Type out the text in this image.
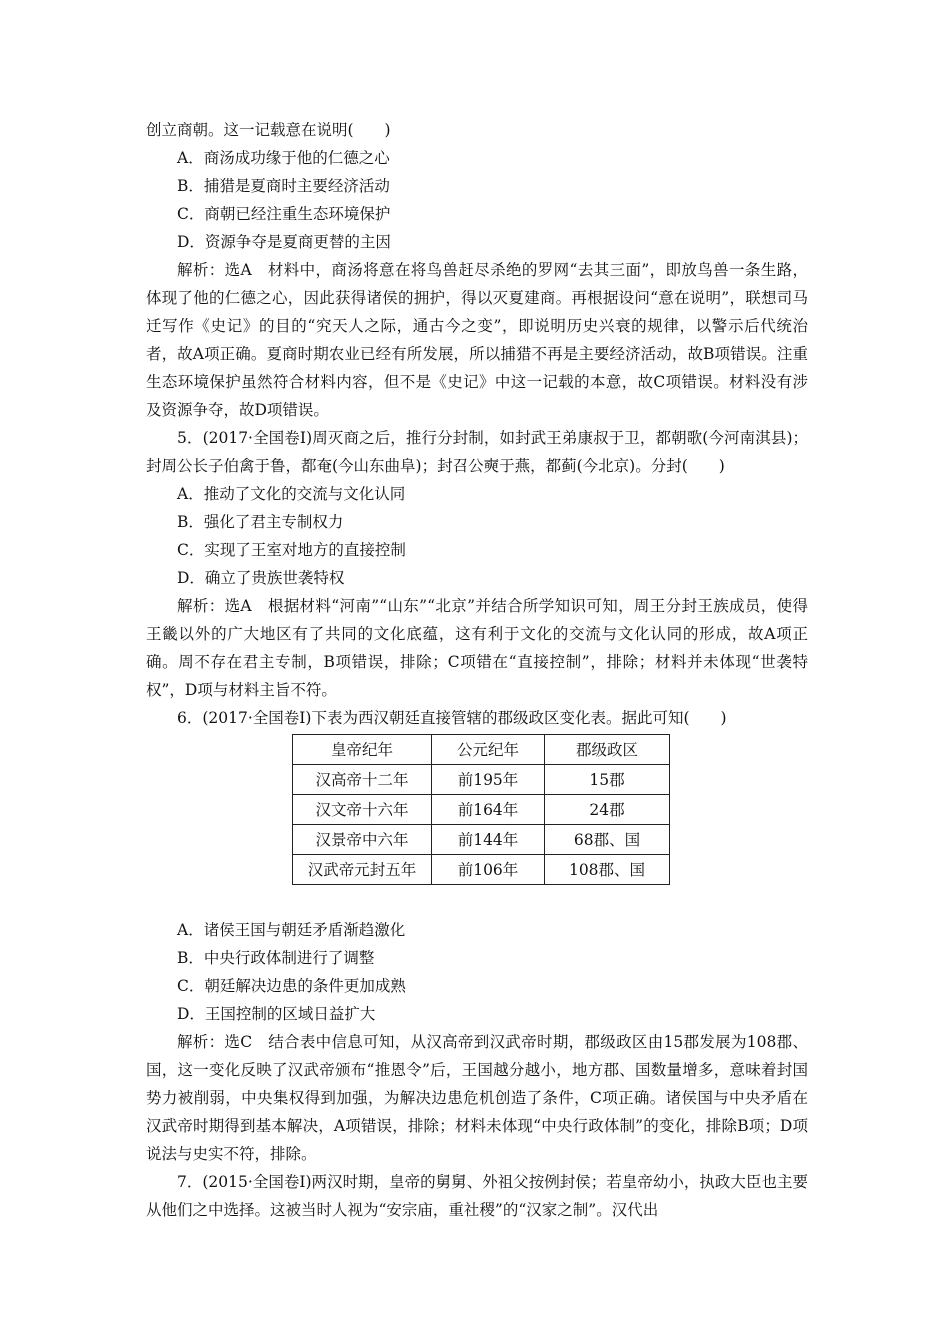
创立商朝。这一记载意在说明(　　)
A．商汤成功缘于他的仁德之心
B．捕猎是夏商时主要经济活动
C．商朝已经注重生态环境保护
D．资源争夺是夏商更替的主因

解析：选A　材料中，商汤将意在将鸟兽赶尽杀绝的罗网“去其三面”，即放鸟兽一条生路，体现了他的仁德之心，因此获得诸侯的拥护，得以灭夏建商。再根据设问“意在说明”，联想司马迁写作《史记》的目的“究天人之际，通古今之变”，即说明历史兴衰的规律，以警示后代统治者，故A项正确。夏商时期农业已经有所发展，所以捕猎不再是主要经济活动，故B项错误。注重生态环境保护虽然符合材料内容，但不是《史记》中这一记载的本意，故C项错误。材料没有涉及资源争夺，故D项错误。

5．(2017·全国卷Ⅰ)周灭商之后，推行分封制，如封武王弟康叔于卫，都朝歌(今河南淇县)；封周公长子伯禽于鲁，都奄(今山东曲阜)；封召公奭于燕，都蓟(今北京)。分封(　　)

A．推动了文化的交流与文化认同
B．强化了君主专制权力
C．实现了王室对地方的直接控制
D．确立了贵族世袭特权

解析：选A　根据材料“河南”“山东”“北京”并结合所学知识可知，周王分封王族成员，使得王畿以外的广大地区有了共同的文化底蕴，这有利于文化的交流与文化认同的形成，故A项正确。周不存在君主专制，B项错误，排除；C项错在“直接控制”，排除；材料并未体现“世袭特权”，D项与材料主旨不符。

6．(2017·全国卷Ⅰ)下表为西汉朝廷直接管辖的郡级政区变化表。据此可知(　　)

皇帝纪年	公元纪年	郡级政区
汉高帝十二年	前195年	15郡
汉文帝十六年	前164年	24郡
汉景帝中六年	前144年	68郡、国
汉武帝元封五年	前106年	108郡、国
A．诸侯王国与朝廷矛盾渐趋激化
B．中央行政体制进行了调整
C．朝廷解决边患的条件更加成熟
D．王国控制的区域日益扩大

解析：选C　结合表中信息可知，从汉高帝到汉武帝时期，郡级政区由15郡发展为108郡、国，这一变化反映了汉武帝颁布“推恩令”后，王国越分越小，地方郡、国数量增多，意味着封国势力被削弱，中央集权得到加强，为解决边患危机创造了条件，C项正确。诸侯国与中央矛盾在汉武帝时期得到基本解决，A项错误，排除；材料未体现“中央行政体制”的变化，排除B项；D项说法与史实不符，排除。

7．(2015·全国卷Ⅰ)两汉时期，皇帝的舅舅、外祖父按例封侯；若皇帝幼小，执政大臣也主要从他们之中选择。这被当时人视为“安宗庙，重社稷”的“汉家之制”。汉代出
